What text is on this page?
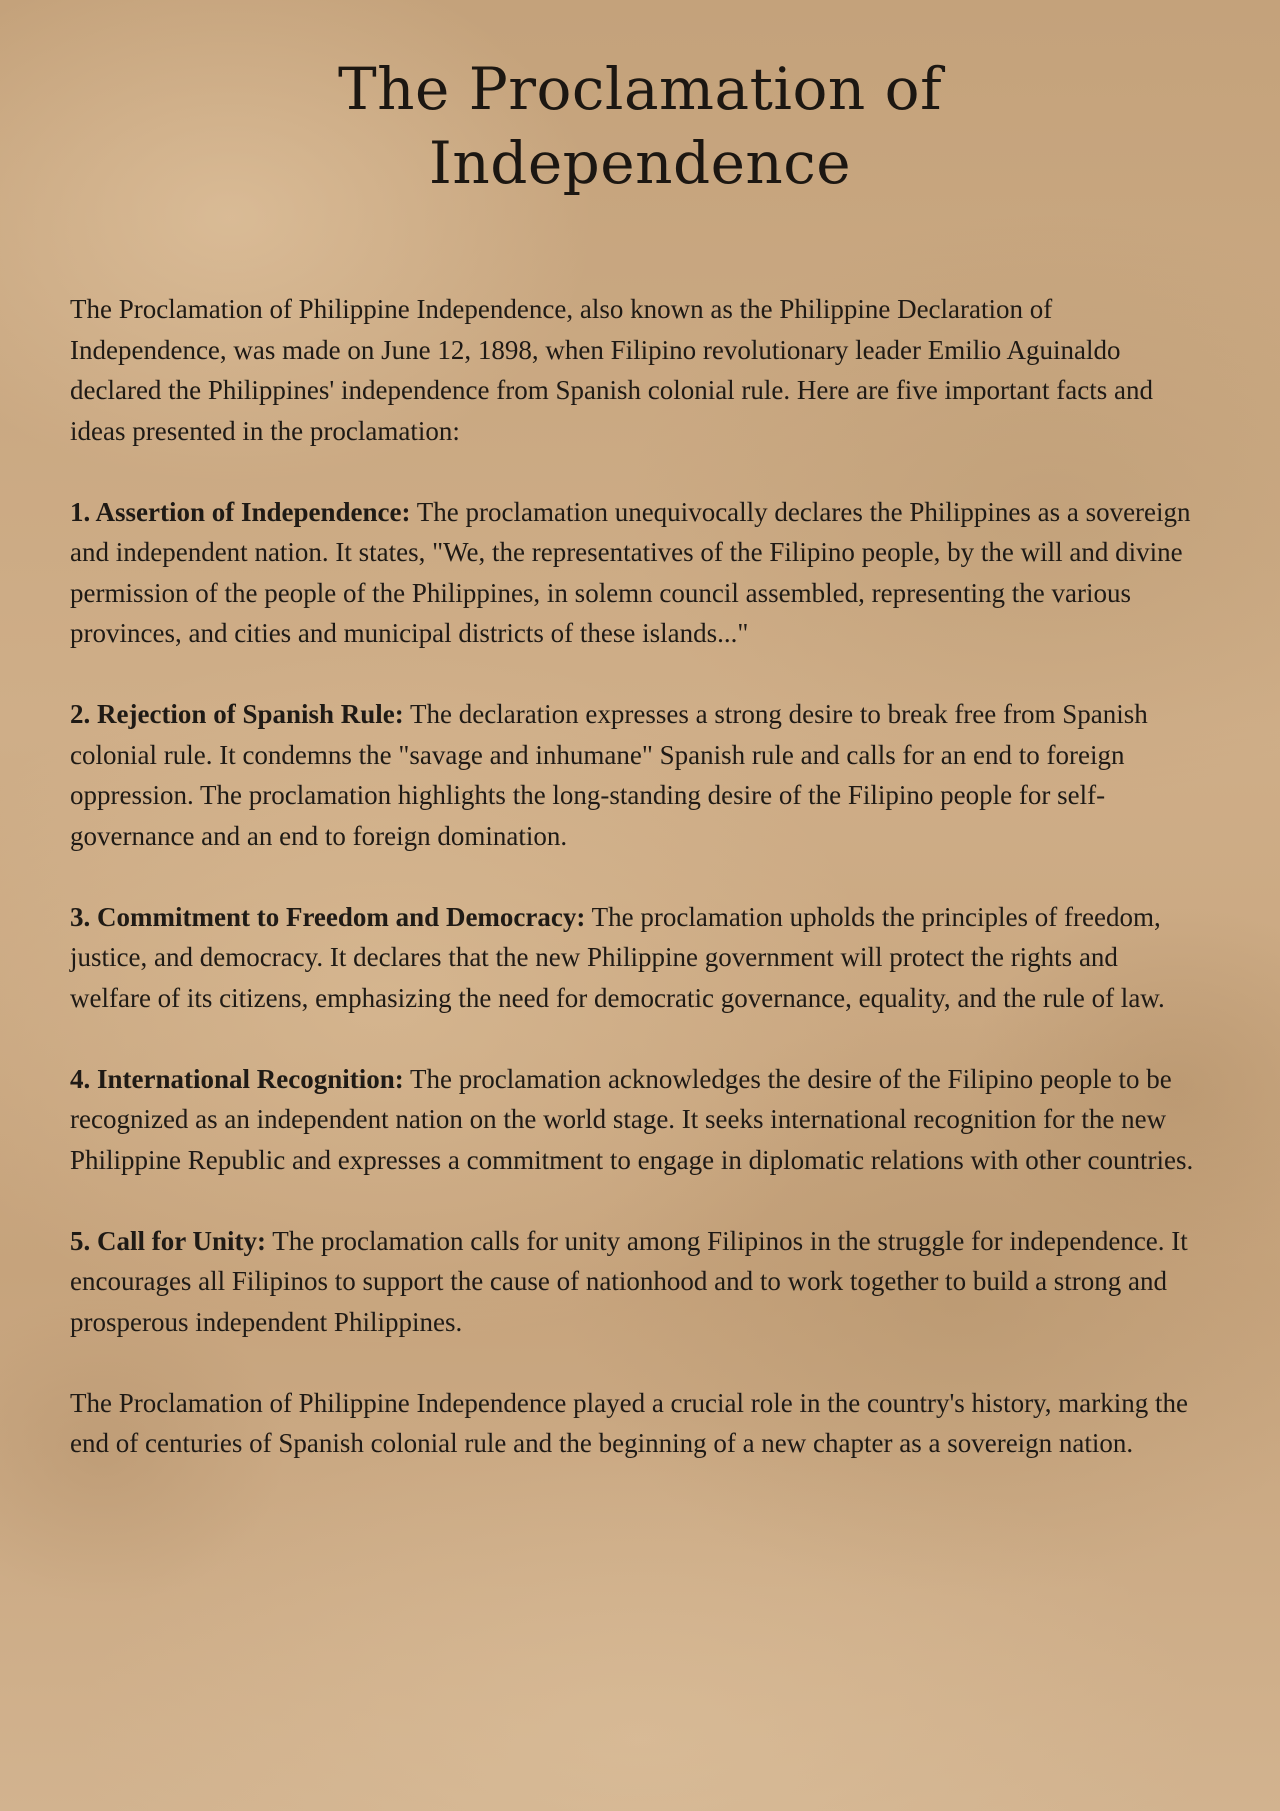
The Proclamation of
Independence

The Proclamation of Philippine Independence, also known as the Philippine Declaration of Independence, was made on June 12, 1898, when Filipino revolutionary leader Emilio Aguinaldo declared the Philippines' independence from Spanish colonial rule. Here are five important facts and ideas presented in the proclamation:

1. Assertion of Independence: The proclamation unequivocally declares the Philippines as a sovereign and independent nation. It states, "We, the representatives of the Filipino people, by the will and divine permission of the people of the Philippines, in solemn council assembled, representing the various provinces, and cities and municipal districts of these islands..."

2. Rejection of Spanish Rule: The declaration expresses a strong desire to break free from Spanish colonial rule. It condemns the "savage and inhumane" Spanish rule and calls for an end to foreign oppression. The proclamation highlights the long-standing desire of the Filipino people for self-governance and an end to foreign domination.

3. Commitment to Freedom and Democracy: The proclamation upholds the principles of freedom, justice, and democracy. It declares that the new Philippine government will protect the rights and welfare of its citizens, emphasizing the need for democratic governance, equality, and the rule of law.

4. International Recognition: The proclamation acknowledges the desire of the Filipino people to be recognized as an independent nation on the world stage. It seeks international recognition for the new Philippine Republic and expresses a commitment to engage in diplomatic relations with other countries.

5. Call for Unity: The proclamation calls for unity among Filipinos in the struggle for independence. It encourages all Filipinos to support the cause of nationhood and to work together to build a strong and prosperous independent Philippines.

The Proclamation of Philippine Independence played a crucial role in the country's history, marking the end of centuries of Spanish colonial rule and the beginning of a new chapter as a sovereign nation.
